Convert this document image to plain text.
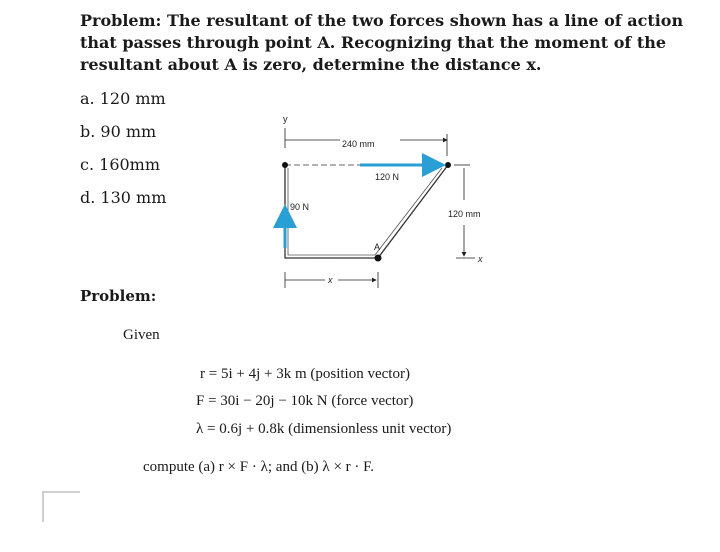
Problem: The resultant of the two forces shown has a line of action that passes through point A. Recognizing that the moment of the resultant about A is zero, determine the distance x.

a. 120 mm
b. 90 mm
c. 160mm
d. 130 mm
y
240 mm
120 N
90 N
120 mm
x
A
x
Problem:
Given
r = 5i + 4j + 3k m (position vector)
F = 30i − 20j − 10k N (force vector)
λ = 0.6j + 0.8k (dimensionless unit vector)
compute (a) r × F · λ; and (b) λ × r · F.
